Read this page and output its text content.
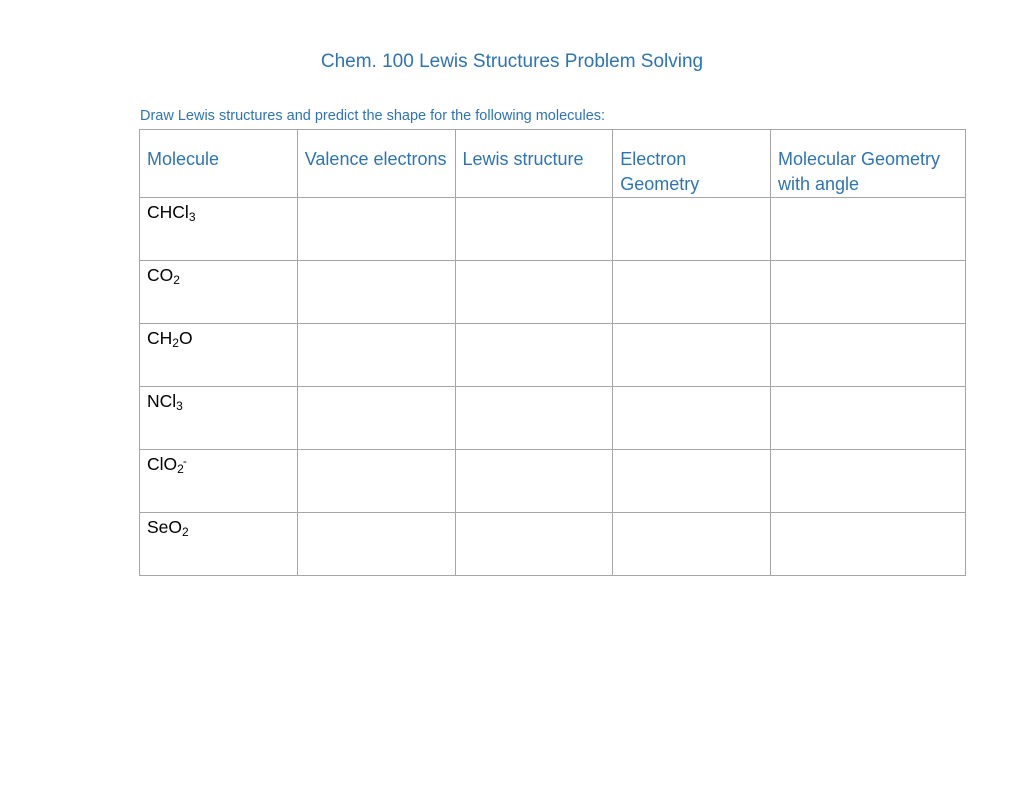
Chem. 100 Lewis Structures Problem Solving
Draw Lewis structures and predict the shape for the following molecules:
Molecule	Valence electrons	Lewis structure	Electron Geometry	Molecular Geometry with angle
CHCl$_3$				
$CO_2$				
$CH_2O$				
NCl$_3$				
ClO$_2$-				
SeO$_2$				
